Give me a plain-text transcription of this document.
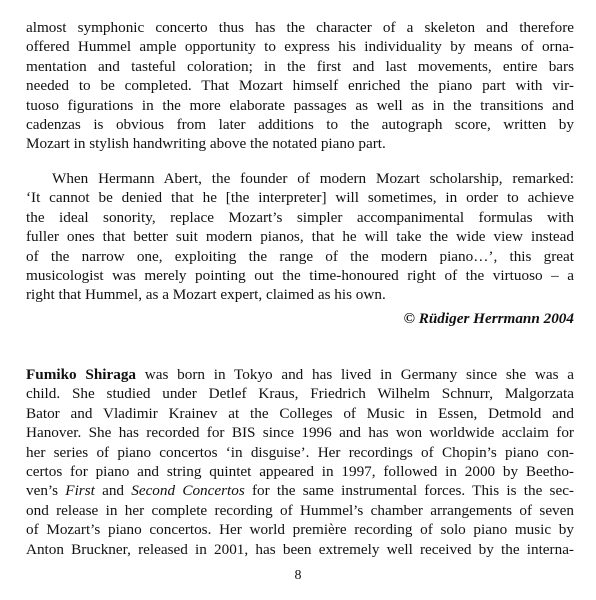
almost symphonic concerto thus has the character of a skeleton and therefore
offered Hummel ample opportunity to express his individuality by means of orna-
mentation and tasteful coloration; in the first and last movements, entire bars
needed to be completed. That Mozart himself enriched the piano part with vir-
tuoso figurations in the more elaborate passages as well as in the transitions and
cadenzas is obvious from later additions to the autograph score, written by
Mozart in stylish handwriting above the notated piano part.
When Hermann Abert, the founder of modern Mozart scholarship, remarked:
‘It cannot be denied that he [the interpreter] will sometimes, in order to achieve
the ideal sonority, replace Mozart’s simpler accompanimental formulas with
fuller ones that better suit modern pianos, that he will take the wide view instead
of the narrow one, exploiting the range of the modern piano…’, this great
musicologist was merely pointing out the time-honoured right of the virtuoso – a
right that Hummel, as a Mozart expert, claimed as his own.
© Rüdiger Herrmann 2004
Fumiko Shiraga was born in Tokyo and has lived in Germany since she was a
child. She studied under Detlef Kraus, Friedrich Wilhelm Schnurr, Malgorzata
Bator and Vladimir Krainev at the Colleges of Music in Essen, Detmold and
Hanover. She has recorded for BIS since 1996 and has won worldwide acclaim for
her series of piano concertos ‘in disguise’. Her recordings of Chopin’s piano con-
certos for piano and string quintet appeared in 1997, followed in 2000 by Beetho-
ven’s First and Second Concertos for the same instrumental forces. This is the sec-
ond release in her complete recording of Hummel’s chamber arrangements of seven
of Mozart’s piano concertos. Her world première recording of solo piano music by
Anton Bruckner, released in 2001, has been extremely well received by the interna-
8
